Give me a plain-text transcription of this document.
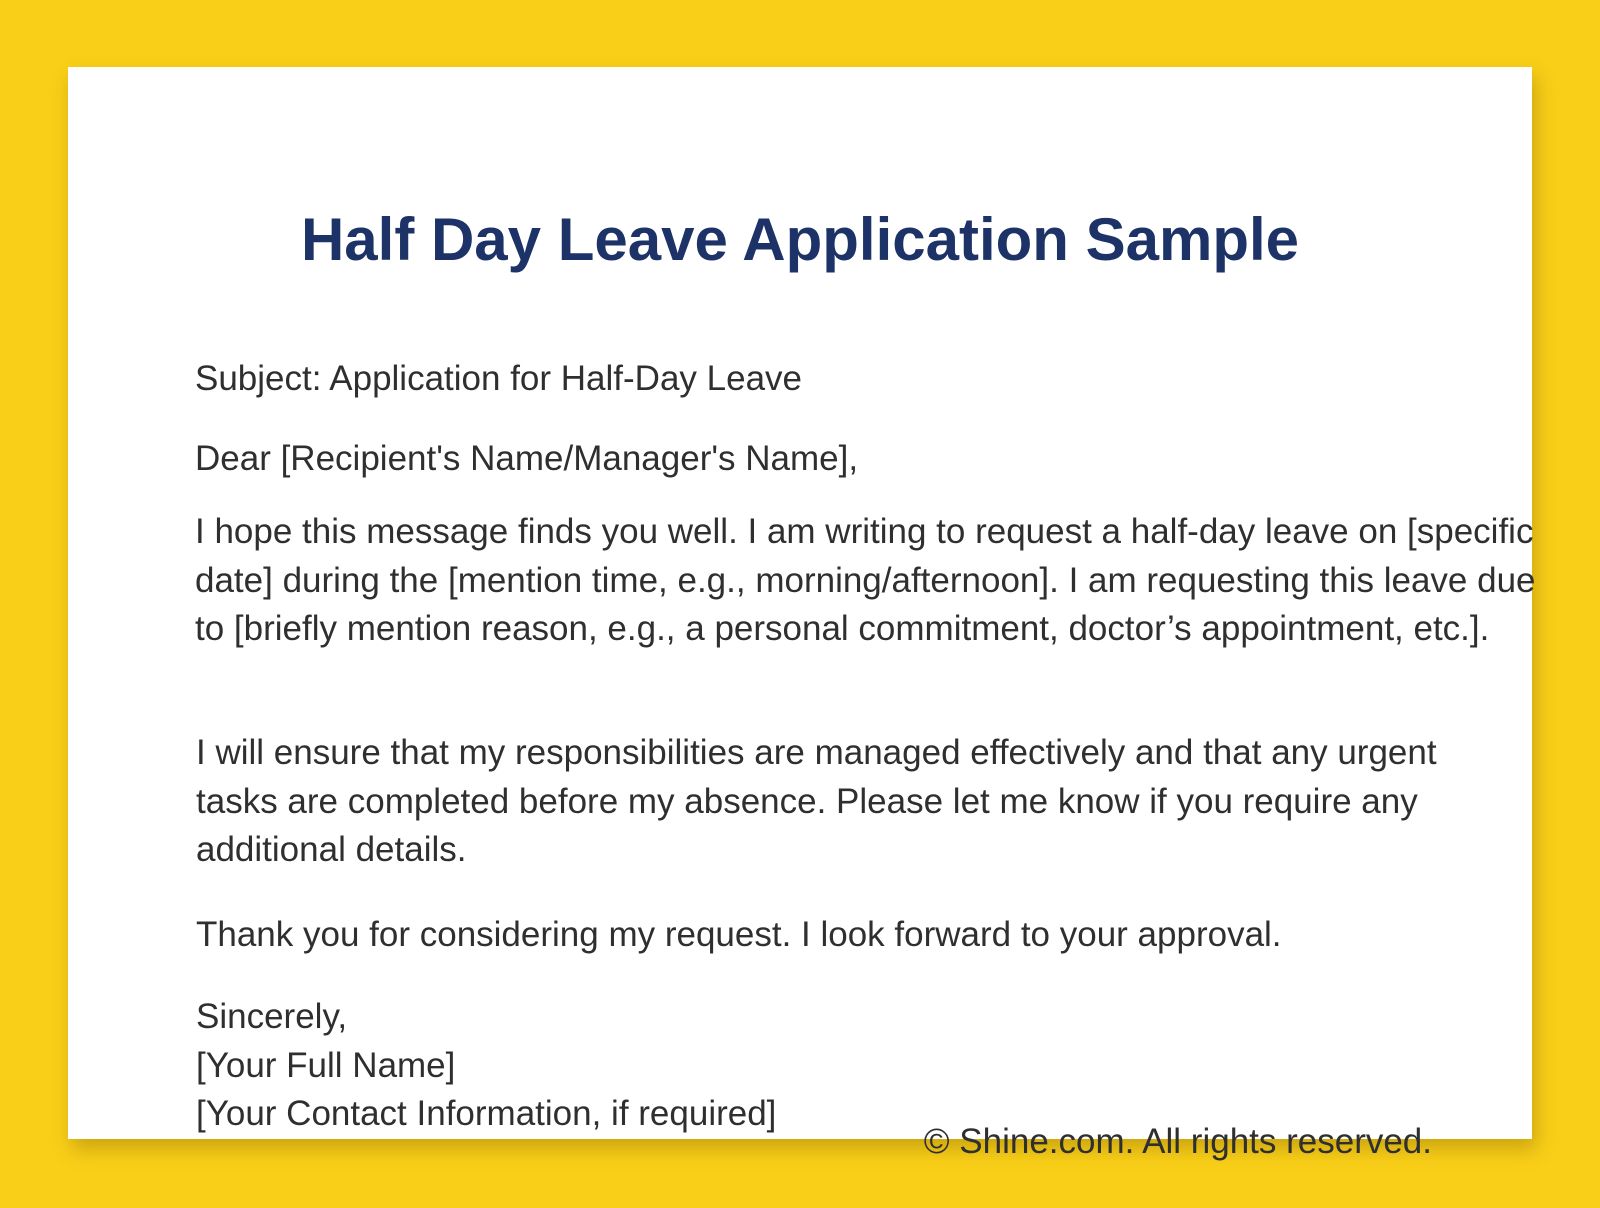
Half Day Leave Application Sample

Subject: Application for Half-Day Leave

Dear [Recipient's Name/Manager's Name],

I hope this message finds you well. I am writing to request a half-day leave on [specific date] during the [mention time, e.g., morning/afternoon]. I am requesting this leave due to [briefly mention reason, e.g., a personal commitment, doctor’s appointment, etc.].

I will ensure that my responsibilities are managed effectively and that any urgent tasks are completed before my absence. Please let me know if you require any additional details.

Thank you for considering my request. I look forward to your approval.

Sincerely,
[Your Full Name]
[Your Contact Information, if required]

© Shine.com. All rights reserved.
